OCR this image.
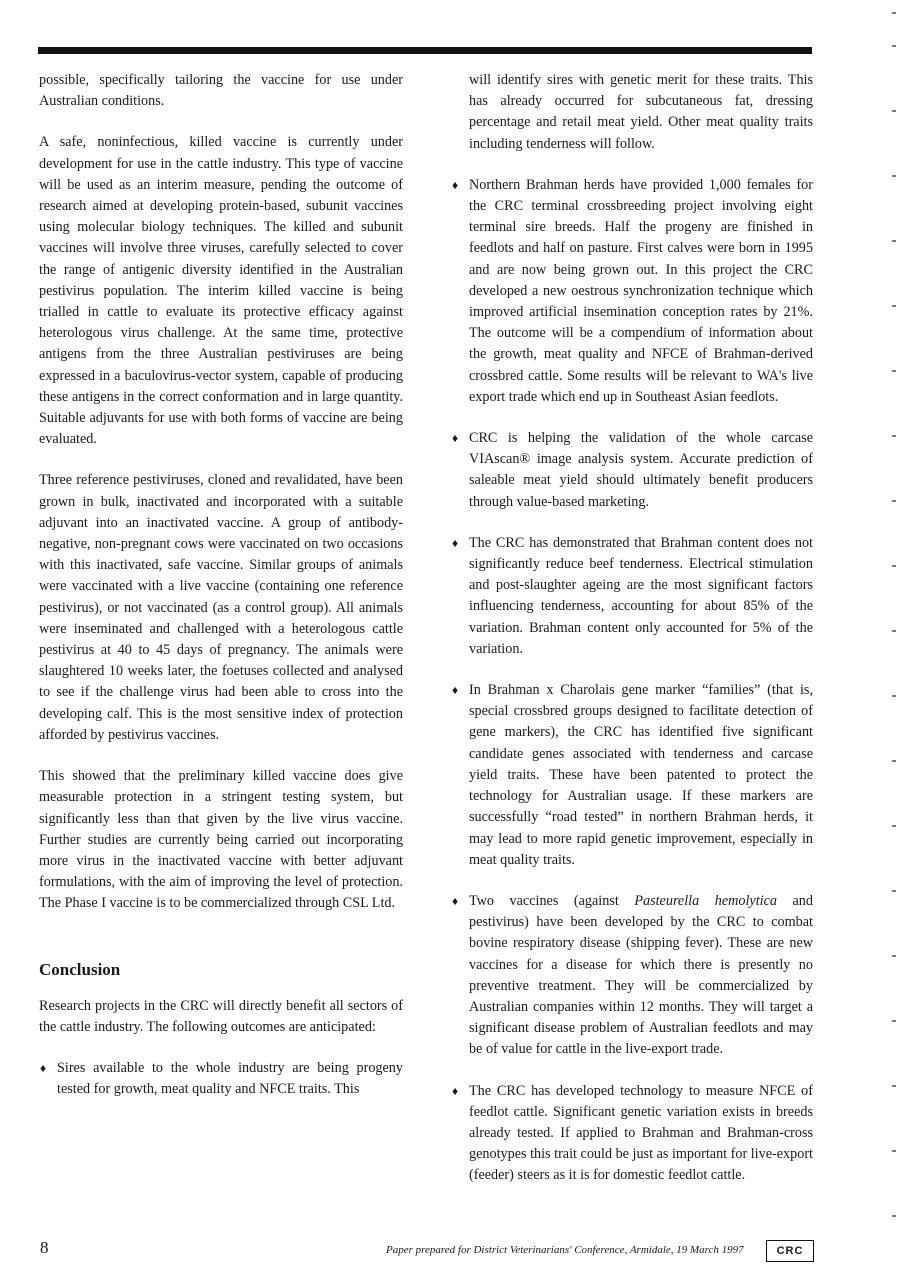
possible, specifically tailoring the vaccine for use under Australian conditions.

A safe, noninfectious, killed vaccine is currently under development for use in the cattle industry. This type of vaccine will be used as an interim measure, pending the outcome of research aimed at developing protein-based, subunit vaccines using molecular biology techniques. The killed and subunit vaccines will involve three viruses, carefully selected to cover the range of antigenic diversity identified in the Australian pestivirus population. The interim killed vaccine is being trialled in cattle to evaluate its protective efficacy against heterologous virus challenge. At the same time, protective antigens from the three Australian pestiviruses are being expressed in a baculovirus-vector system, capable of producing these antigens in the correct conformation and in large quantity. Suitable adjuvants for use with both forms of vaccine are being evaluated.

Three reference pestiviruses, cloned and revalidated, have been grown in bulk, inactivated and incorporated with a suitable adjuvant into an inactivated vaccine. A group of antibody-negative, non-pregnant cows were vaccinated on two occasions with this inactivated, safe vaccine. Similar groups of animals were vaccinated with a live vaccine (containing one reference pestivirus), or not vaccinated (as a control group). All animals were inseminated and challenged with a heterologous cattle pestivirus at 40 to 45 days of pregnancy. The animals were slaughtered 10 weeks later, the foetuses collected and analysed to see if the challenge virus had been able to cross into the developing calf. This is the most sensitive index of protection afforded by pestivirus vaccines.

This showed that the preliminary killed vaccine does give measurable protection in a stringent testing system, but significantly less than that given by the live virus vaccine. Further studies are currently being carried out incorporating more virus in the inactivated vaccine with better adjuvant formulations, with the aim of improving the level of protection. The Phase I vaccine is to be commercialized through CSL Ltd.

Conclusion

Research projects in the CRC will directly benefit all sectors of the cattle industry. The following outcomes are anticipated:

♦ Sires available to the whole industry are being progeny tested for growth, meat quality and NFCE traits. This
will identify sires with genetic merit for these traits. This has already occurred for subcutaneous fat, dressing percentage and retail meat yield. Other meat quality traits including tenderness will follow.
♦ Northern Brahman herds have provided 1,000 females for the CRC terminal crossbreeding project involving eight terminal sire breeds. Half the progeny are finished in feedlots and half on pasture. First calves were born in 1995 and are now being grown out. In this project the CRC developed a new oestrous synchronization technique which improved artificial insemination conception rates by 21%. The outcome will be a compendium of information about the growth, meat quality and NFCE of Brahman-derived crossbred cattle. Some results will be relevant to WA's live export trade which end up in Southeast Asian feedlots.
♦ CRC is helping the validation of the whole carcase VIAscan® image analysis system. Accurate prediction of saleable meat yield should ultimately benefit producers through value-based marketing.
♦ The CRC has demonstrated that Brahman content does not significantly reduce beef tenderness. Electrical stimulation and post-slaughter ageing are the most significant factors influencing tenderness, accounting for about 85% of the variation. Brahman content only accounted for 5% of the variation.
♦ In Brahman x Charolais gene marker “families” (that is, special crossbred groups designed to facilitate detection of gene markers), the CRC has identified five significant candidate genes associated with tenderness and carcase yield traits. These have been patented to protect the technology for Australian usage. If these markers are successfully “road tested” in northern Brahman herds, it may lead to more rapid genetic improvement, especially in meat quality traits.
♦ Two vaccines (against Pasteurella hemolytica and pestivirus) have been developed by the CRC to combat bovine respiratory disease (shipping fever). These are new vaccines for a disease for which there is presently no preventive treatment. They will be commercialized by Australian companies within 12 months. They will target a significant disease problem of Australian feedlots and may be of value for cattle in the live-export trade.
♦ The CRC has developed technology to measure NFCE of feedlot cattle. Significant genetic variation exists in breeds already tested. If applied to Brahman and Brahman-cross genotypes this trait could be just as important for live-export (feeder) steers as it is for domestic feedlot cattle.
8	Paper prepared for District Veterinarians' Conference, Armidale, 19 March 1997	CRC
